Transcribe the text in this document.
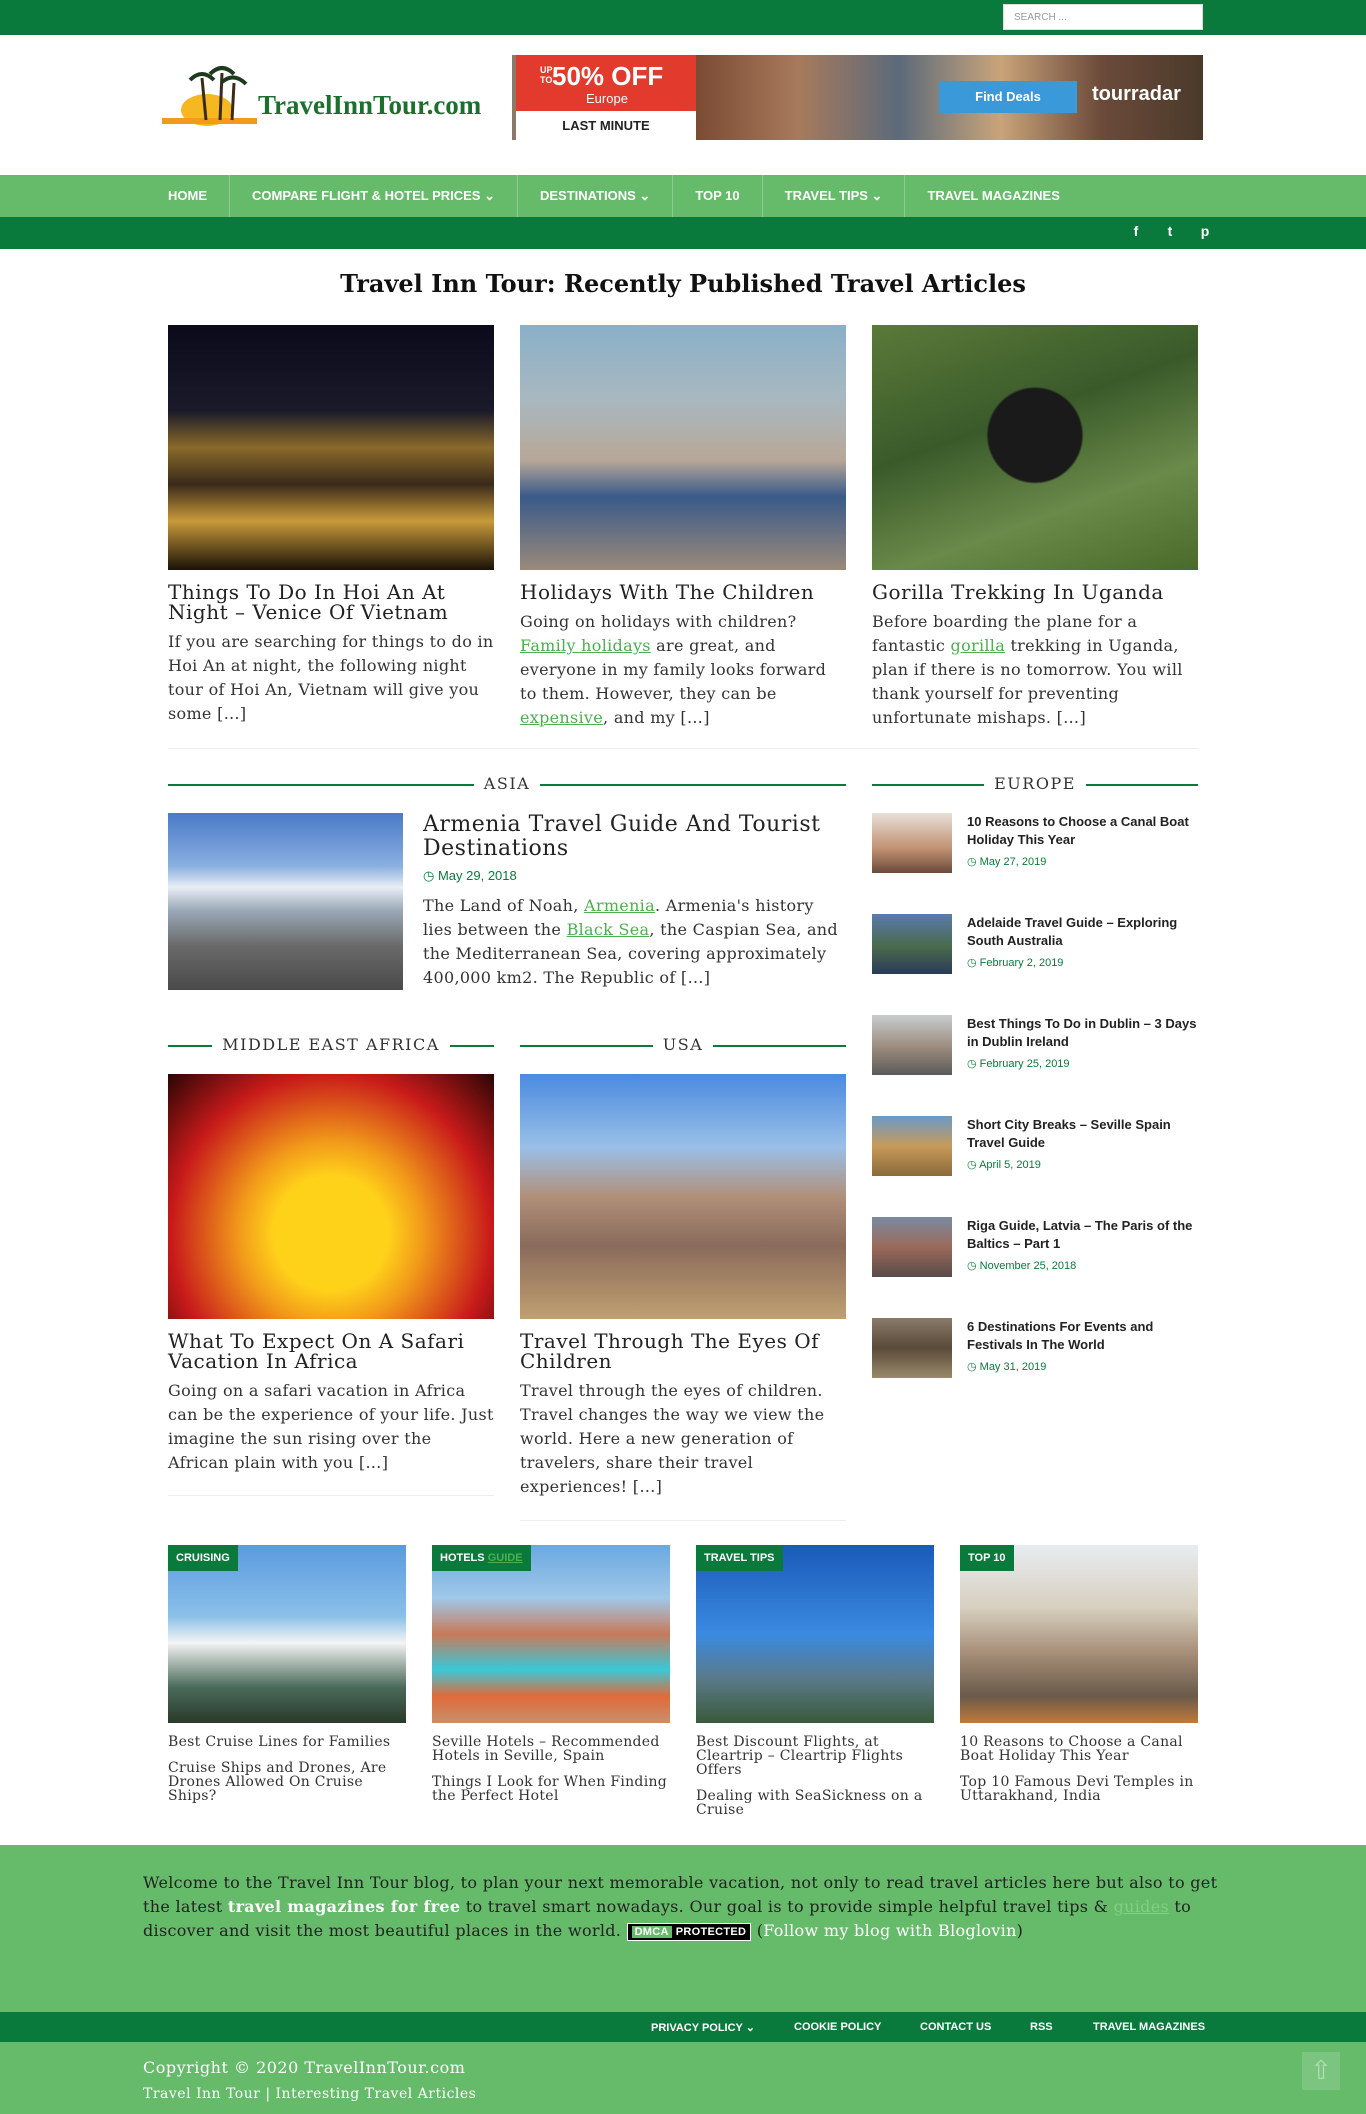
SEARCH ...
TravelInnTour.com
UP TO 50% OFF
Europe
LAST MINUTE
Find Deals	tourradar
HOME	COMPARE FLIGHT & HOTEL PRICES ⌄	DESTINATIONS ⌄	TOP 10	TRAVEL TIPS ⌄	TRAVEL MAGAZINES
f	t	p
Travel Inn Tour: Recently Published Travel Articles
Things To Do In Hoi An At Night – Venice Of Vietnam
If you are searching for things to do in Hoi An at night, the following night tour of Hoi An, Vietnam will give you some […]
Holidays With The Children
Going on holidays with children? Family holidays are great, and everyone in my family looks forward to them. However, they can be expensive, and my […]
Gorilla Trekking In Uganda
Before boarding the plane for a fantastic gorilla trekking in Uganda, plan if there is no tomorrow. You will thank yourself for preventing unfortunate mishaps. […]
ASIA
Armenia Travel Guide And Tourist Destinations
◷ May 29, 2018
The Land of Noah, Armenia. Armenia's history lies between the Black Sea, the Caspian Sea, and the Mediterranean Sea, covering approximately 400,000 km2. The Republic of […]
EUROPE
10 Reasons to Choose a Canal Boat Holiday This Year
◷ May 27, 2019
Adelaide Travel Guide – Exploring South Australia
◷ February 2, 2019
Best Things To Do in Dublin – 3 Days in Dublin Ireland
◷ February 25, 2019
Short City Breaks – Seville Spain Travel Guide
◷ April 5, 2019
Riga Guide, Latvia – The Paris of the Baltics – Part 1
◷ November 25, 2018
6 Destinations For Events and Festivals In The World
◷ May 31, 2019
MIDDLE EAST AFRICA
What To Expect On A Safari Vacation In Africa
Going on a safari vacation in Africa can be the experience of your life. Just imagine the sun rising over the African plain with you […]
USA
Travel Through The Eyes Of Children
Travel through the eyes of children. Travel changes the way we view the world. Here a new generation of travelers, share their travel experiences! […]
CRUISING
Best Cruise Lines for Families
Cruise Ships and Drones, Are Drones Allowed On Cruise Ships?
HOTELS GUIDE
Seville Hotels – Recommended Hotels in Seville, Spain
Things I Look for When Finding the Perfect Hotel
TRAVEL TIPS
Best Discount Flights, at Cleartrip – Cleartrip Flights Offers
Dealing with SeaSickness on a Cruise
TOP 10
10 Reasons to Choose a Canal Boat Holiday This Year
Top 10 Famous Devi Temples in Uttarakhand, India
Welcome to the Travel Inn Tour blog, to plan your next memorable vacation, not only to read travel articles here but also to get the latest travel magazines for free to travel smart nowadays. Our goal is to provide simple helpful travel tips & guides to discover and visit the most beautiful places in the world. DMCA PROTECTED (Follow my blog with Bloglovin)
PRIVACY POLICY ⌄	COOKIE POLICY	CONTACT US	RSS	TRAVEL MAGAZINES
Copyright © 2020 TravelInnTour.com
Travel Inn Tour | Interesting Travel Articles
⇧
